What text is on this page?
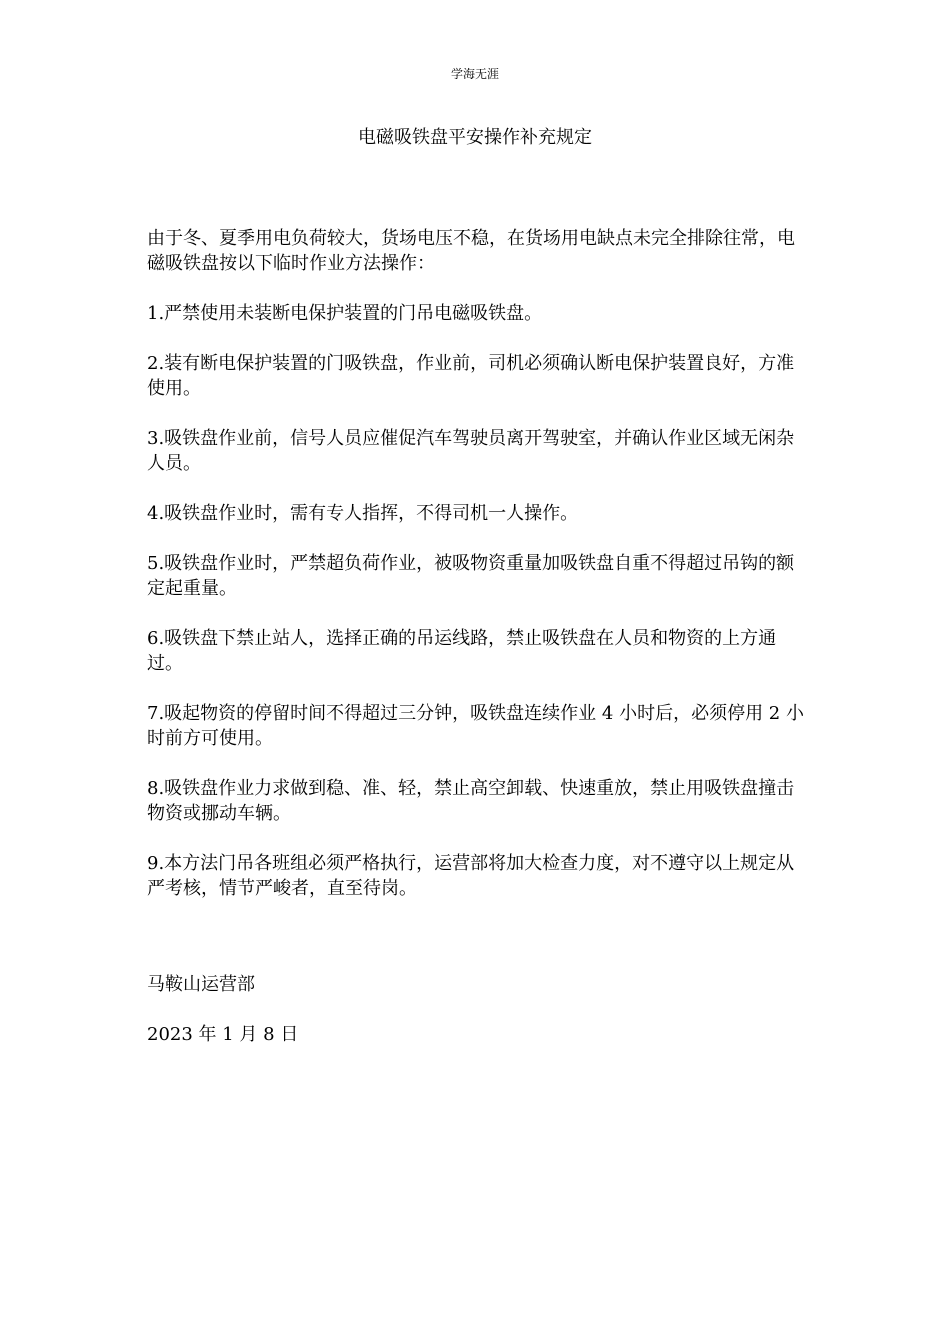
学海无涯
电磁吸铁盘平安操作补充规定

由于冬、夏季用电负荷较大，货场电压不稳，在货场用电缺点未完全排除往常，电磁吸铁盘按以下临时作业方法操作：

1.严禁使用未装断电保护装置的门吊电磁吸铁盘。

2.装有断电保护装置的门吸铁盘，作业前，司机必须确认断电保护装置良好，方准使用。

3.吸铁盘作业前，信号人员应催促汽车驾驶员离开驾驶室，并确认作业区域无闲杂人员。

4.吸铁盘作业时，需有专人指挥，不得司机一人操作。

5.吸铁盘作业时，严禁超负荷作业，被吸物资重量加吸铁盘自重不得超过吊钩的额定起重量。

6.吸铁盘下禁止站人，选择正确的吊运线路，禁止吸铁盘在人员和物资的上方通过。

7.吸起物资的停留时间不得超过三分钟，吸铁盘连续作业 4 小时后，必须停用 2 小时前方可使用。

8.吸铁盘作业力求做到稳、准、轻，禁止高空卸载、快速重放，禁止用吸铁盘撞击物资或挪动车辆。

9.本方法门吊各班组必须严格执行，运营部将加大检查力度，对不遵守以上规定从严考核，情节严峻者，直至待岗。

马鞍山运营部

2023 年 1 月 8 日
